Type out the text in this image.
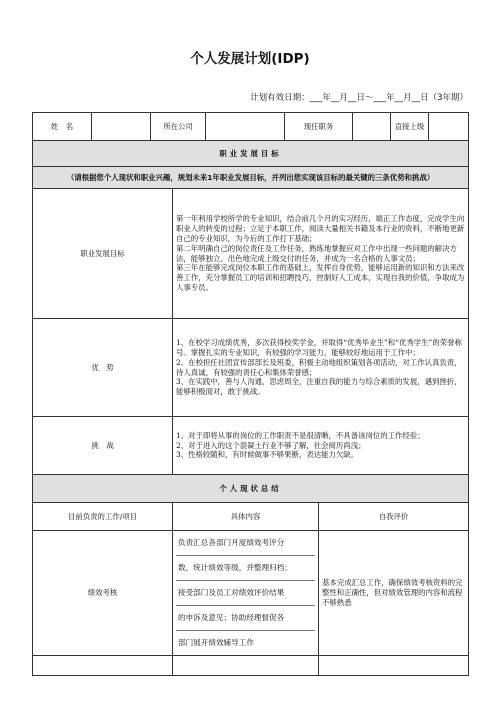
个人发展计划(IDP)
计划有效日期：___年__月__日～___年__月__日（3年期）
姓　名		所在公司			现任职务			直接上级	
职业发展目标									
（请根据您个人现状和职业兴趣，规划未来1年职业发展目标，并列出您实现该目标的最关键的三条优势和挑战）									
职业发展目标			第一年利用学校所学的专业知识，结合前几个月的实习经历，端正工作态度，完成学生向职业人的转变的过程；立足于本职工作，阅读大量相关书籍及本行业的资料，不断地更新自己的专业知识，为今后的工作打下基础；

第二年明确自己的岗位责任及工作任务，熟练地掌握应对工作中出现一些问题的解决方法，能够独立、出色地完成上级交付的任务，并成为一名合格的人事文员；

第三年在能够完成岗位本职工作的基础上，发挥自身优势，能够运用新的知识和方法来改善工作，充分掌握员工的培训和招聘技巧，控制好人工成本，实现自我的价值，争取成为人事专员。						

优　势			1、在校学习成绩优秀，多次获得校奖学金，并取得“优秀毕业生”和“优秀学生”的荣誉称号。掌握扎实的专业知识，有较强的学习能力，能够较好地运用于工作中；

2、在校担任社团宣传部部长及班委，积极主动地组织策划各项活动，对工作认真负责，待人真诚，有较强的责任心和集体荣誉感；

3、在实践中，善与人沟通，思虑周全，注重自我的能力与综合素质的发展，遇到挫折，能够积极面对，敢于挑战。						

挑　战			1、对于即将从事的岗位的工作职责不是很清晰，不具备该岗位的工作经验；

2、对于进入的这个混凝土行业不够了解，社会阅历尚浅；

3、性格较随和，有时候做事不够果断，表达能力欠缺。						

个人现状总结									
目前负责的工作/项目			具体内容			自我评价			
绩效考核			负责汇总各部门月度绩效考评分
数，统计绩效等级，并整理归档；
接受部门及员工对绩效评价结果
的申诉及意见；协助经理督促各
部门展开绩效辅导工作			基本完成汇总工作，确保绩效考核资料的完整性和正确性，但对绩效管理的内容和流程不够熟悉			
